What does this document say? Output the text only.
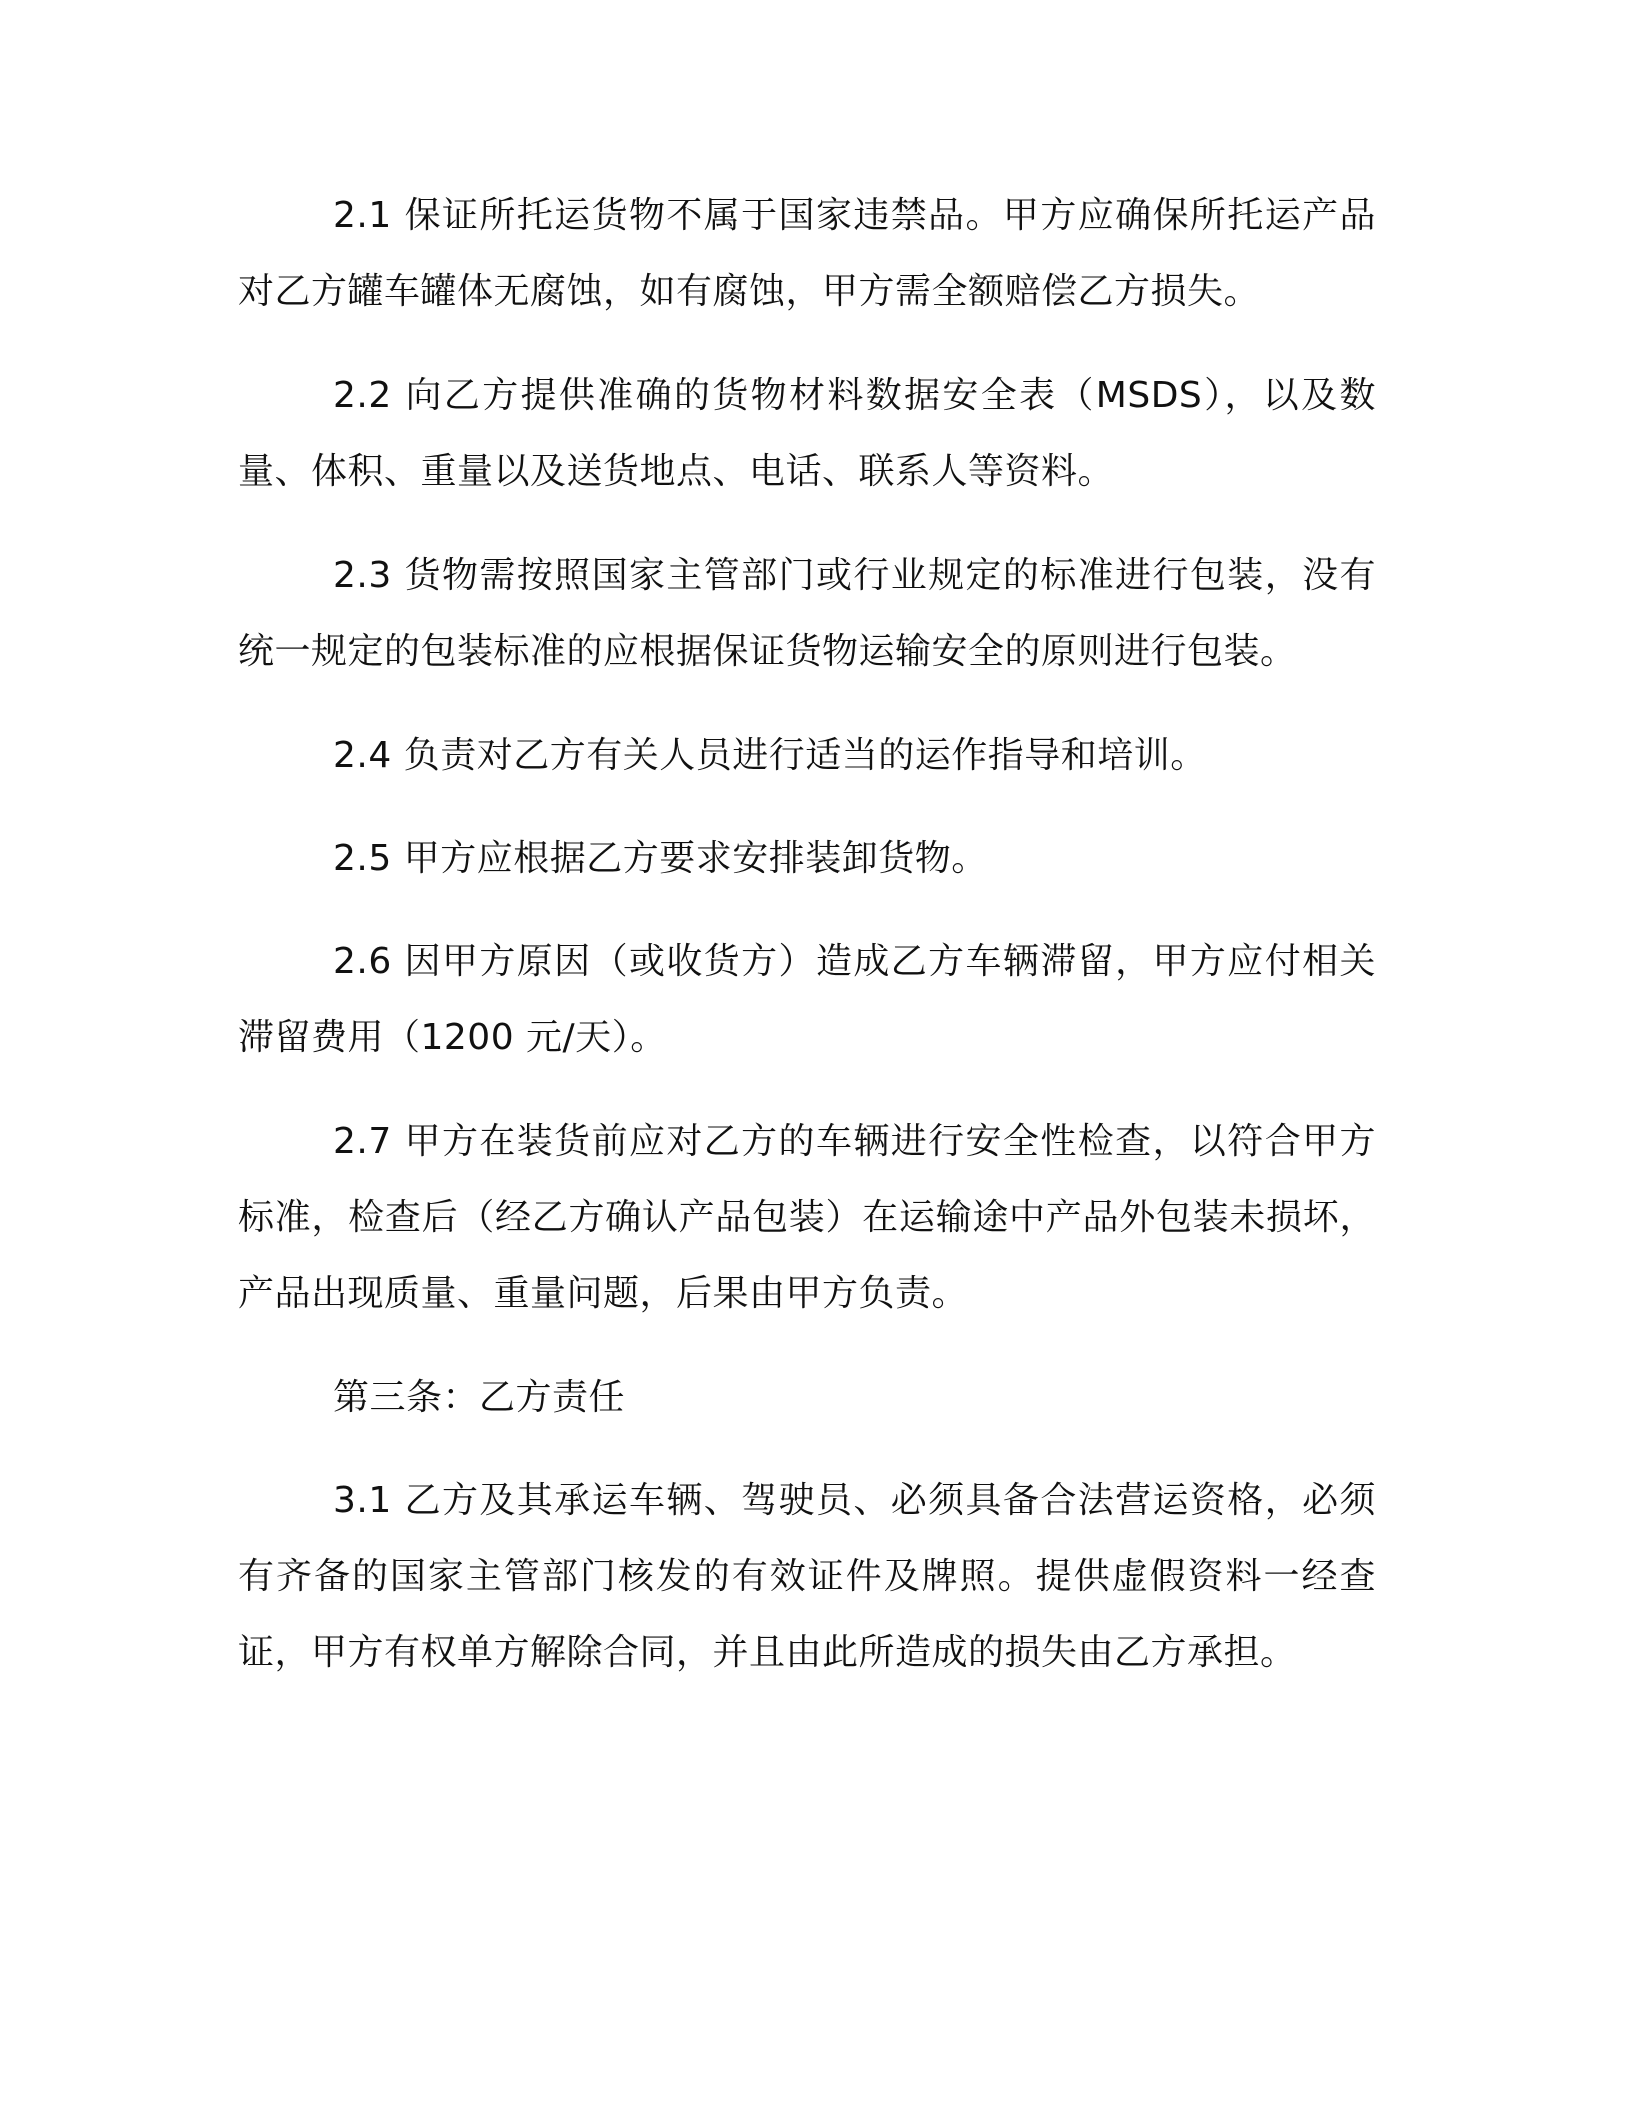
2.1 保证所托运货物不属于国家违禁品。甲方应确保所托运产品对乙方罐车罐体无腐蚀，如有腐蚀，甲方需全额赔偿乙方损失。

2.2 向乙方提供准确的货物材料数据安全表（MSDS），以及数量、体积、重量以及送货地点、电话、联系人等资料。

2.3 货物需按照国家主管部门或行业规定的标准进行包装，没有统一规定的包装标准的应根据保证货物运输安全的原则进行包装。

2.4 负责对乙方有关人员进行适当的运作指导和培训。

2.5 甲方应根据乙方要求安排装卸货物。

2.6 因甲方原因（或收货方）造成乙方车辆滞留，甲方应付相关滞留费用（1200 元/天）。

2.7 甲方在装货前应对乙方的车辆进行安全性检查，以符合甲方标准，检查后（经乙方确认产品包装）在运输途中产品外包装未损坏，产品出现质量、重量问题，后果由甲方负责。

第三条：乙方责任

3.1 乙方及其承运车辆、驾驶员、必须具备合法营运资格，必须有齐备的国家主管部门核发的有效证件及牌照。提供虚假资料一经查证，甲方有权单方解除合同，并且由此所造成的损失由乙方承担。
